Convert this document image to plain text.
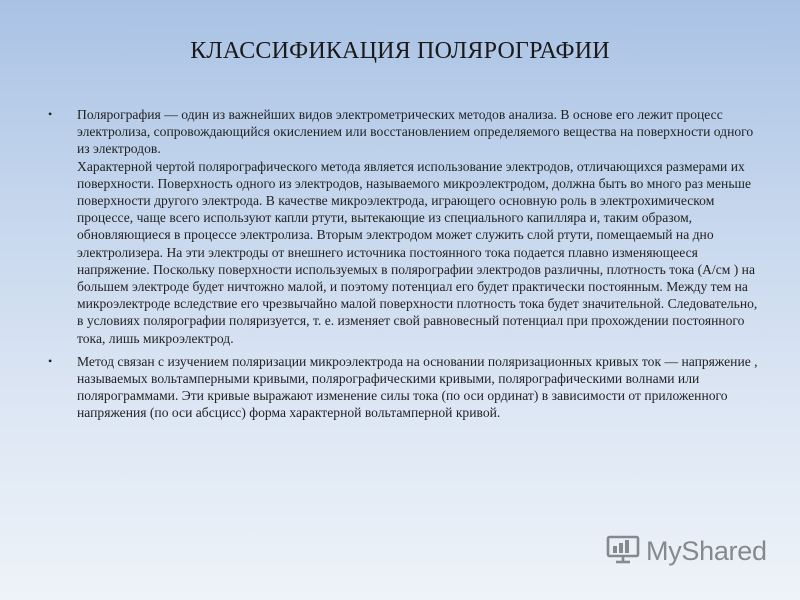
КЛАССИФИКАЦИЯ ПОЛЯРОГРАФИИ
•	Полярография — один из важнейших видов электрометрических методов анализа. В основе его лежит процесс электролиза, сопровождающийся окислением или восстановлением определяемого вещества на поверхности одного из электродов.

Характерной чертой полярографического метода является использование электродов, отличающихся размерами их поверхности. Поверхность одного из электродов, называемого микроэлектродом, должна быть во много раз меньше поверхности другого электрода. В качестве микроэлектрода, играющего основную роль в электрохимическом процессе, чаще всего используют капли ртути, вытекающие из специального капилляра и, таким образом, обновляющиеся в процессе электролиза. Вторым электродом может служить слой ртути, помещаемый на дно электролизера. На эти электроды от внешнего источника постоянного тока подается плавно изменяющееся напряжение. Поскольку поверхности используемых в полярографии электродов различны, плотность тока (А/см ) на большем электроде будет ничтожно малой, и поэтому потенциал его будет практически постоянным. Между тем на микроэлектроде вследствие его чрезвычайно малой поверхности плотность тока будет значительной. Следовательно, в условиях полярографии поляризуется, т. е. изменяет свой равновесный потенциал при прохождении постоянного тока, лишь микроэлектрод.

•	Метод связан с изучением поляризации микроэлектрода на основании поляризационных кривых ток — напряжение , называемых вольтамперными кривыми, полярографическими кривыми, полярографическими волнами или полярограммами. Эти кривые выражают изменение силы тока (по оси ординат) в зависимости от приложенного напряжения (по оси абсцисс) форма характерной вольтамперной кривой.

MyShared
